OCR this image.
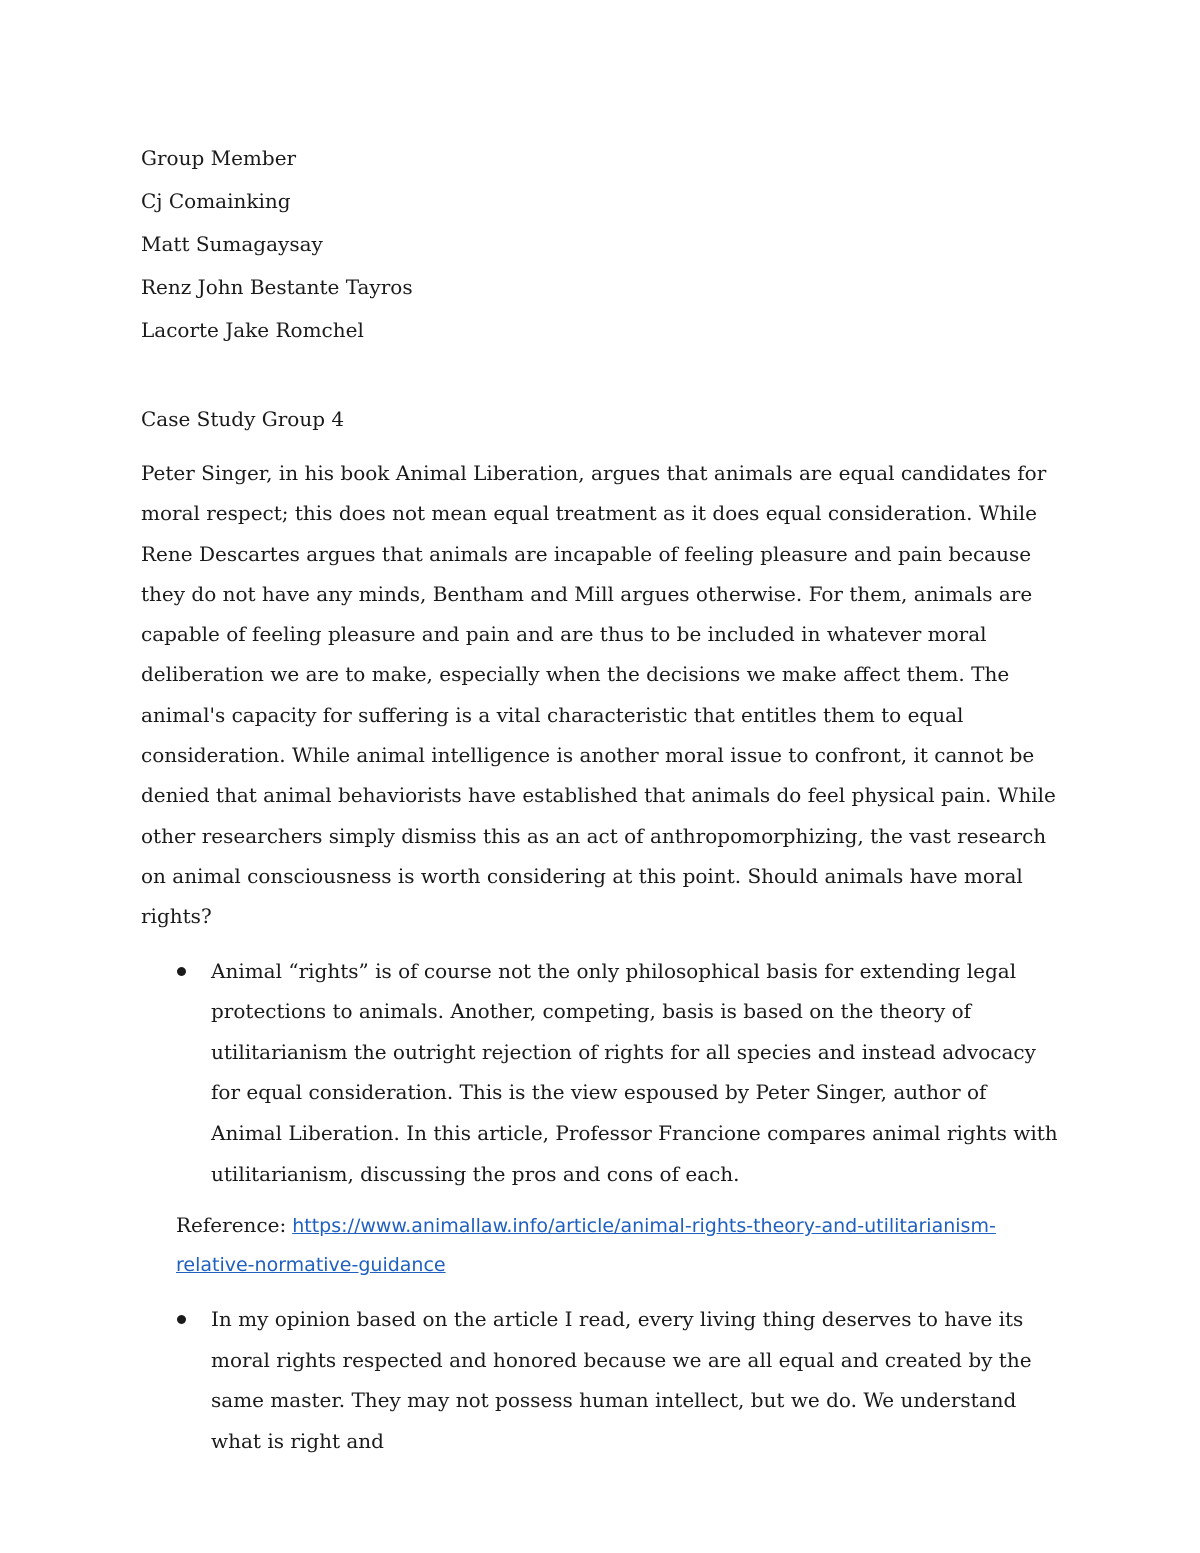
Group Member

Cj Comainking
Matt Sumagaysay
Renz John Bestante Tayros
Lacorte Jake Romchel

Case Study Group 4

Peter Singer, in his book Animal Liberation, argues that animals are equal candidates for moral respect; this does not mean equal treatment as it does equal consideration. While Rene Descartes argues that animals are incapable of feeling pleasure and pain because they do not have any minds, Bentham and Mill argues otherwise. For them, animals are capable of feeling pleasure and pain and are thus to be included in whatever moral deliberation we are to make, especially when the decisions we make affect them. The animal's capacity for suffering is a vital characteristic that entitles them to equal consideration. While animal intelligence is another moral issue to confront, it cannot be denied that animal behaviorists have established that animals do feel physical pain. While other researchers simply dismiss this as an act of anthropomorphizing, the vast research on animal consciousness is worth considering at this point. Should animals have moral rights?

Animal “rights” is of course not the only philosophical basis for extending legal protections to animals. Another, competing, basis is based on the theory of utilitarianism the outright rejection of rights for all species and instead advocacy for equal consideration. This is the view espoused by Peter Singer, author of Animal Liberation. In this article, Professor Francione compares animal rights with utilitarianism, discussing the pros and cons of each.
Reference: https://www.animallaw.info/article/animal-rights-theory-and-utilitarianism-relative-normative-guidance
In my opinion based on the article I read, every living thing deserves to have its moral rights respected and honored because we are all equal and created by the same master. They may not possess human intellect, but we do. We understand what is right and
